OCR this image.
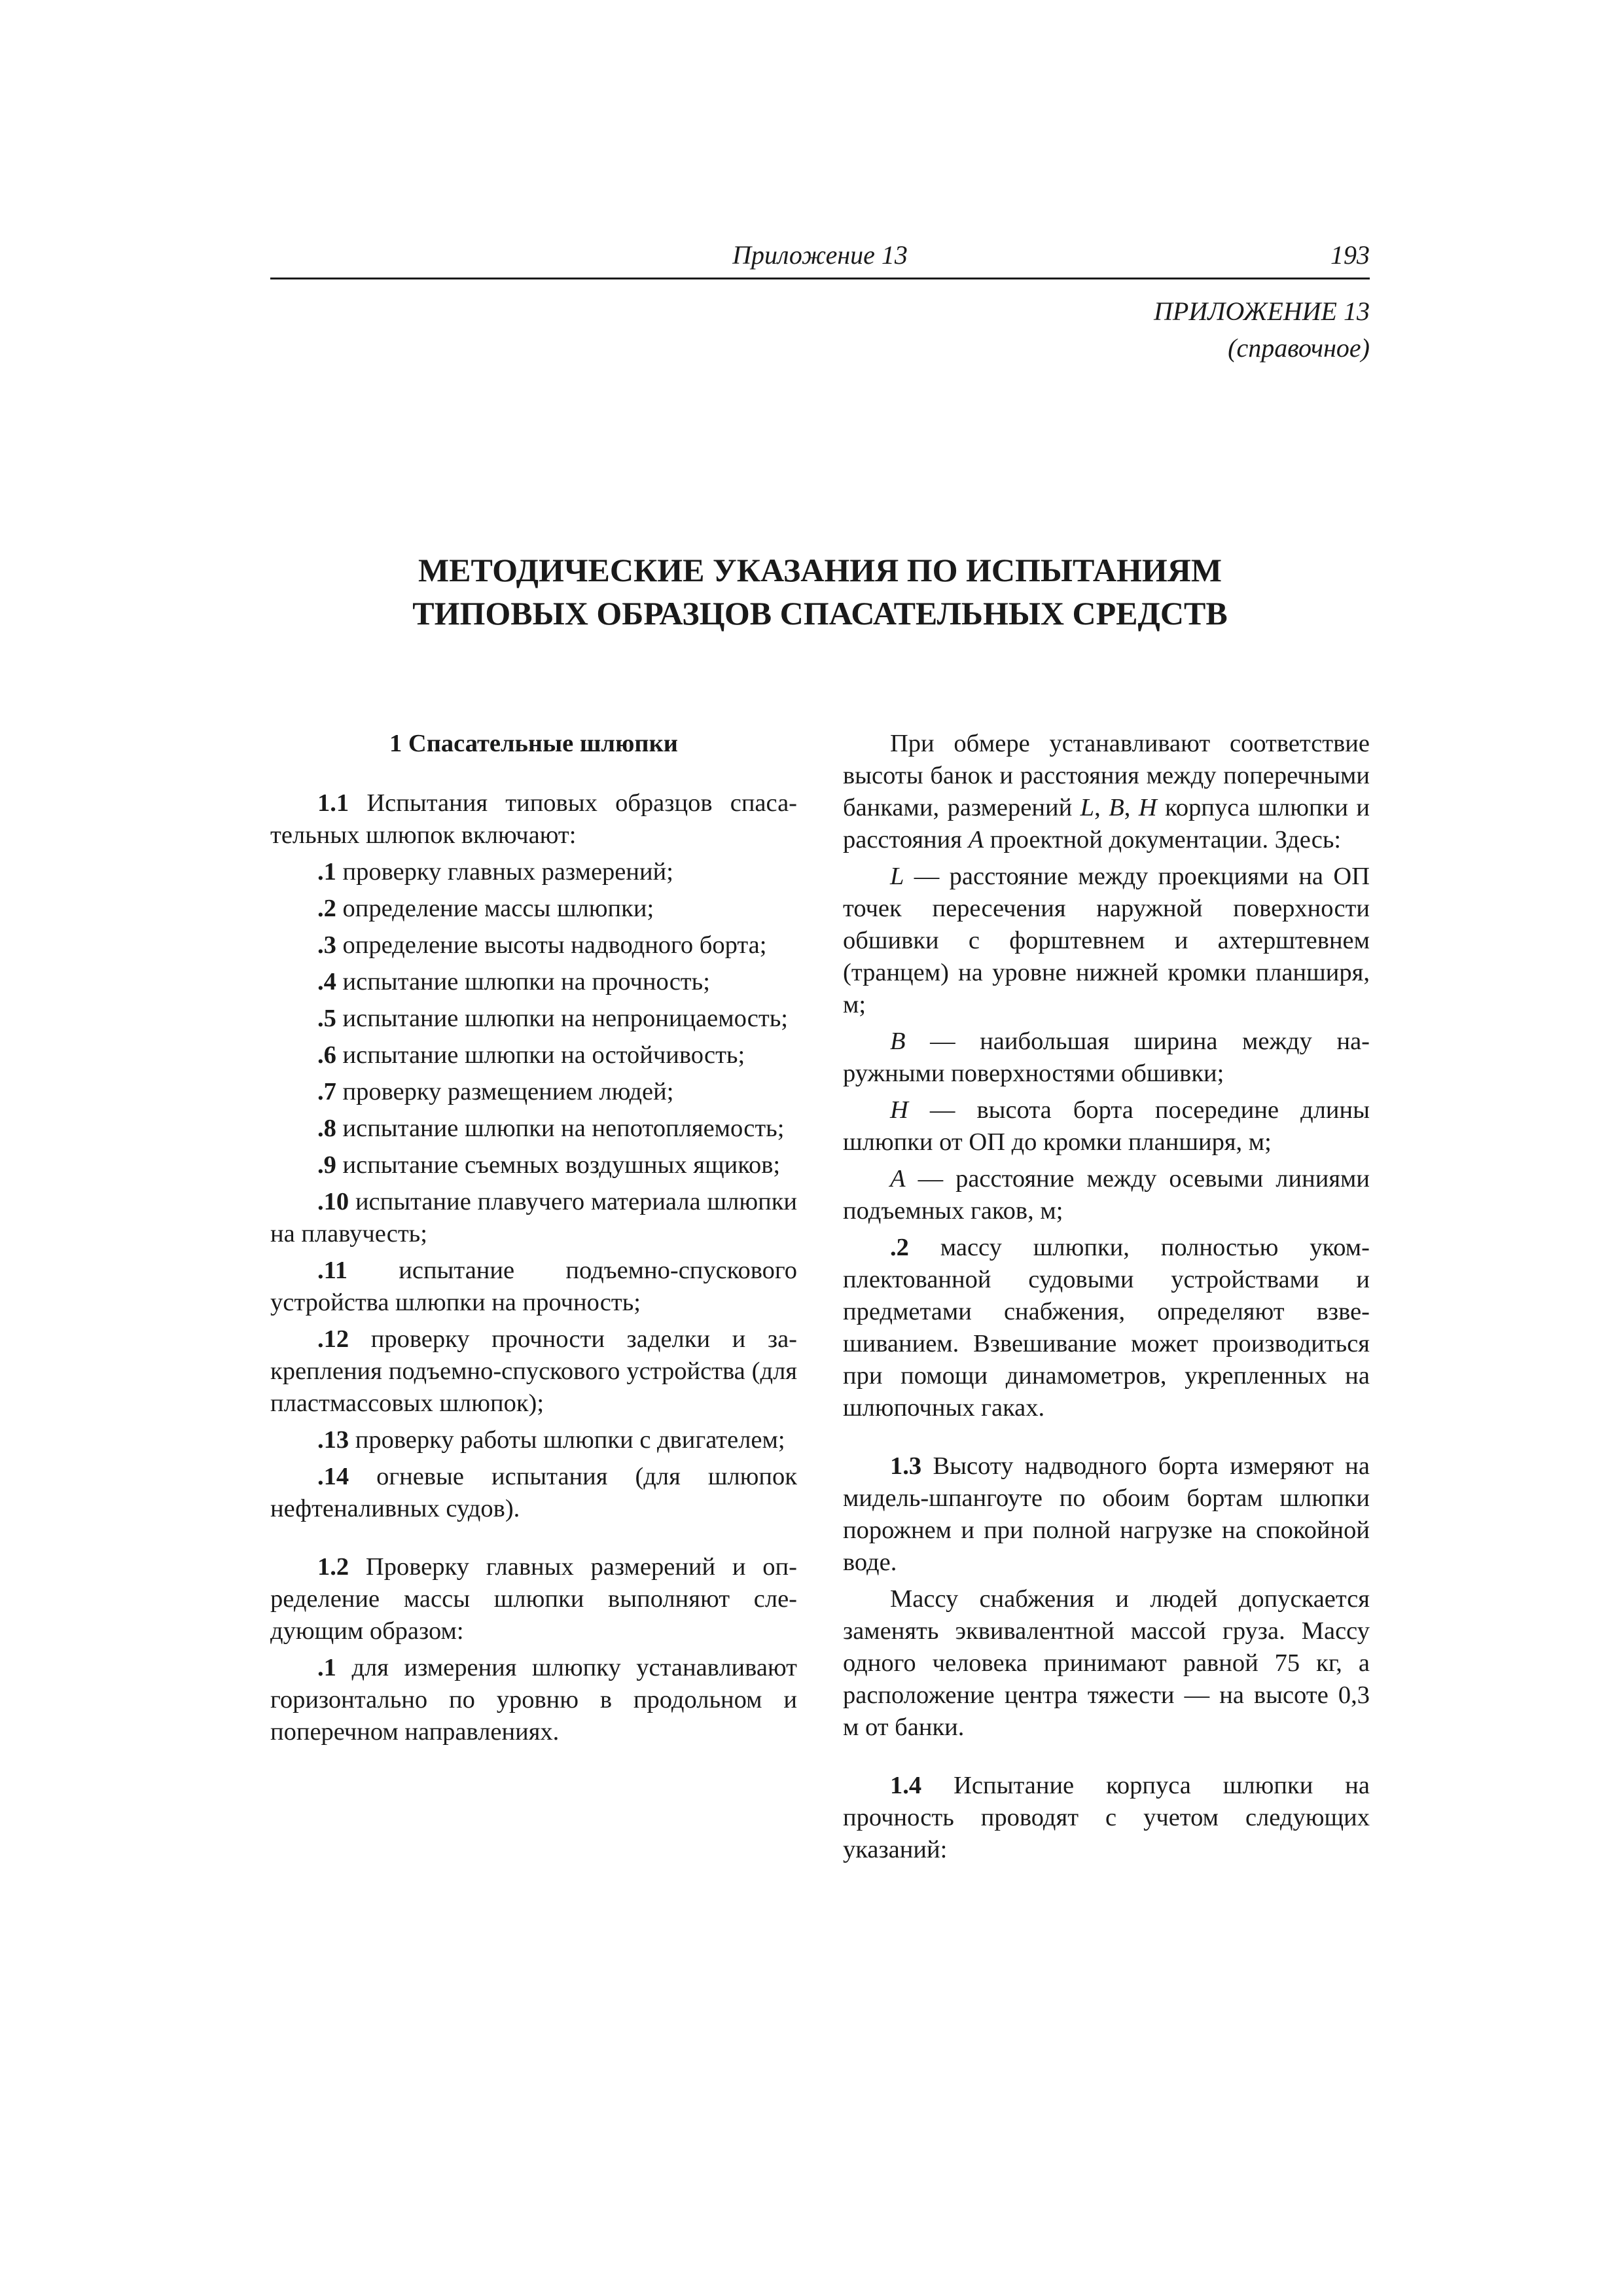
Приложение 13	193
ПРИЛОЖЕНИЕ 13
(справочное)
МЕТОДИЧЕСКИЕ УКАЗАНИЯ ПО ИСПЫТАНИЯМ
ТИПОВЫХ ОБРАЗЦОВ СПАСАТЕЛЬНЫХ СРЕДСТВ
1 Спасательные шлюпки

1.1 Испытания типовых образцов спасательных шлюпок включают:

.1 проверку главных размерений;

.2 определение массы шлюпки;

.3 определение высоты надводного борта;

.4 испытание шлюпки на прочность;

.5 испытание шлюпки на непроницаемость;

.6 испытание шлюпки на остойчивость;

.7 проверку размещением людей;

.8 испытание шлюпки на непотопляемость;

.9 испытание съемных воздушных ящиков;

.10 испытание плавучего материала шлюпки на плавучесть;

.11 испытание подъемно-спускового устройства шлюпки на прочность;

.12 проверку прочности заделки и закрепления подъемно-спускового устройства (для пластмассовых шлюпок);

.13 проверку работы шлюпки с двигателем;

.14 огневые испытания (для шлюпок нефтеналивных судов).

1.2 Проверку главных размерений и определение массы шлюпки выполняют следующим образом:

.1 для измерения шлюпку устанавливают горизонтально по уровню в продольном и поперечном направлениях.

При обмере устанавливают соответствие высоты банок и расстояния между поперечными банками, размерений L, B, H корпуса шлюпки и расстояния A проектной документации. Здесь:

L — расстояние между проекциями на ОП точек пересечения наружной поверхности обшивки с форштевнем и ахтерштевнем (транцем) на уровне нижней кромки планширя, м;

B — наибольшая ширина между наружными поверхностями обшивки;

H — высота борта посередине длины шлюпки от ОП до кромки планширя, м;

A — расстояние между осевыми линиями подъемных гаков, м;

.2 массу шлюпки, полностью укомплектованной судовыми устройствами и предметами снабжения, определяют взвешиванием. Взвешивание может производиться при помощи динамометров, укрепленных на шлюпочных гаках.

1.3 Высоту надводного борта измеряют на мидель-шпангоуте по обоим бортам шлюпки порожнем и при полной нагрузке на спокойной воде.

Массу снабжения и людей допускается заменять эквивалентной массой груза. Массу одного человека принимают равной 75 кг, а расположение центра тяжести — на высоте 0,3 м от банки.

1.4 Испытание корпуса шлюпки на прочность проводят с учетом следующих указаний:
